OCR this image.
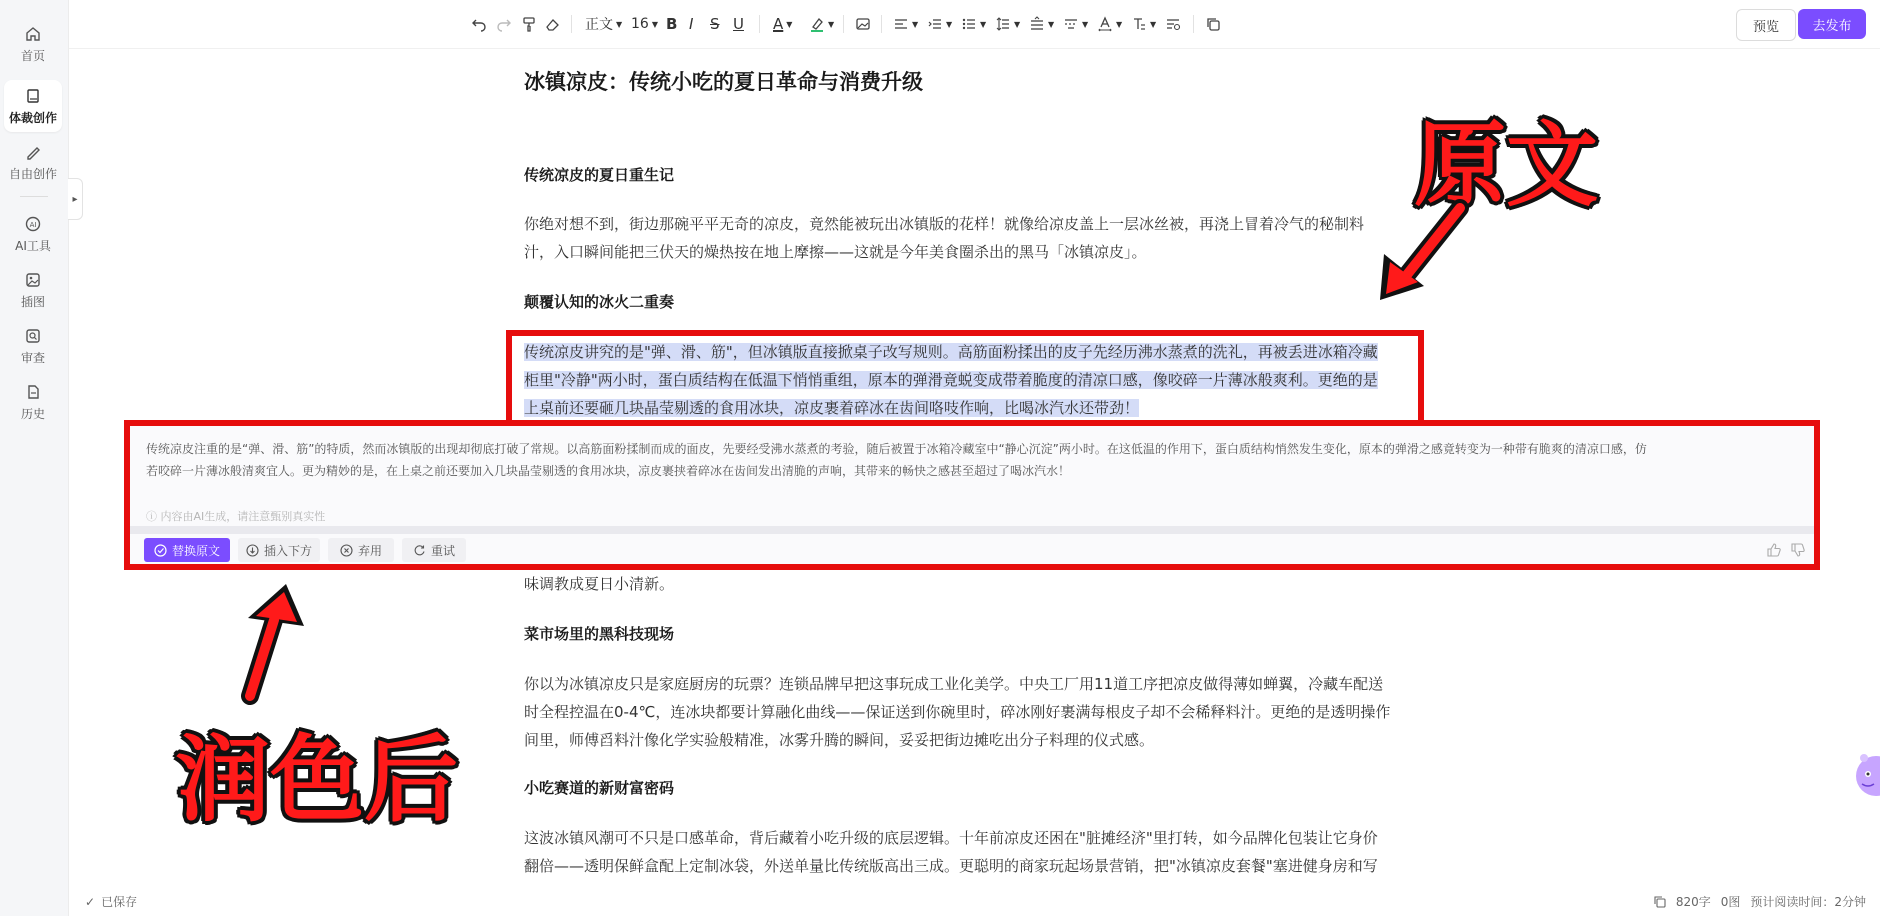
首页
体裁创作
自由创作
AI
AI工具
插图
审查
历史
▸
正文 ▼ 16 ▼ B I S U A ▼	▼	▼	▼	▼	▼	▼	▼	▼	▼	预览	去发布
冰镇凉皮：传统小吃的夏日革命与消费升级
传统凉皮的夏日重生记
你绝对想不到，街边那碗平平无奇的凉皮，竟然能被玩出冰镇版的花样！就像给凉皮盖上一层冰丝被，再浇上冒着冷气的秘制料
汁，入口瞬间能把三伏天的燥热按在地上摩擦——这就是今年美食圈杀出的黑马「冰镇凉皮」。
颠覆认知的冰火二重奏
传统凉皮讲究的是"弹、滑、筋"，但冰镇版直接掀桌子改写规则。高筋面粉揉出的皮子先经历沸水蒸煮的洗礼，再被丢进冰箱冷藏
柜里"冷静"两小时，蛋白质结构在低温下悄悄重组，原本的弹滑竟蜕变成带着脆度的清凉口感，像咬碎一片薄冰般爽利。更绝的是
上桌前还要砸几块晶莹剔透的食用冰块，凉皮裹着碎冰在齿间咯吱作响，比喝冰汽水还带劲！
味调教成夏日小清新。
菜市场里的黑科技现场
你以为冰镇凉皮只是家庭厨房的玩票？连锁品牌早把这事玩成工业化美学。中央工厂用11道工序把凉皮做得薄如蝉翼，冷藏车配送
时全程控温在0-4℃，连冰块都要计算融化曲线——保证送到你碗里时，碎冰刚好裹满每根皮子却不会稀释料汁。更绝的是透明操作
间里，师傅舀料汁像化学实验般精准，冰雾升腾的瞬间，妥妥把街边摊吃出分子料理的仪式感。
小吃赛道的新财富密码
这波冰镇风潮可不只是口感革命，背后藏着小吃升级的底层逻辑。十年前凉皮还困在"脏摊经济"里打转，如今品牌化包装让它身价
翻倍——透明保鲜盒配上定制冰袋，外送单量比传统版高出三成。更聪明的商家玩起场景营销，把"冰镇凉皮套餐"塞进健身房和写
传统凉皮注重的是“弹、滑、筋”的特质，然而冰镇版的出现却彻底打破了常规。以高筋面粉揉制而成的面皮，先要经受沸水蒸煮的考验，随后被置于冰箱冷藏室中“静心沉淀”两小时。在这低温的作用下，蛋白质结构悄然发生变化，原本的弹滑之感竟转变为一种带有脆爽的清凉口感，仿
若咬碎一片薄冰般清爽宜人。更为精妙的是，在上桌之前还要加入几块晶莹剔透的食用冰块，凉皮裹挟着碎冰在齿间发出清脆的声响，其带来的畅快之感甚至超过了喝冰汽水！
ⓘ 内容由AI生成，请注意甄别真实性
替换原文	插入下方	弃用	重试
原文
润色后
✓ 已保存	820字 0图 预计阅读时间：2分钟
